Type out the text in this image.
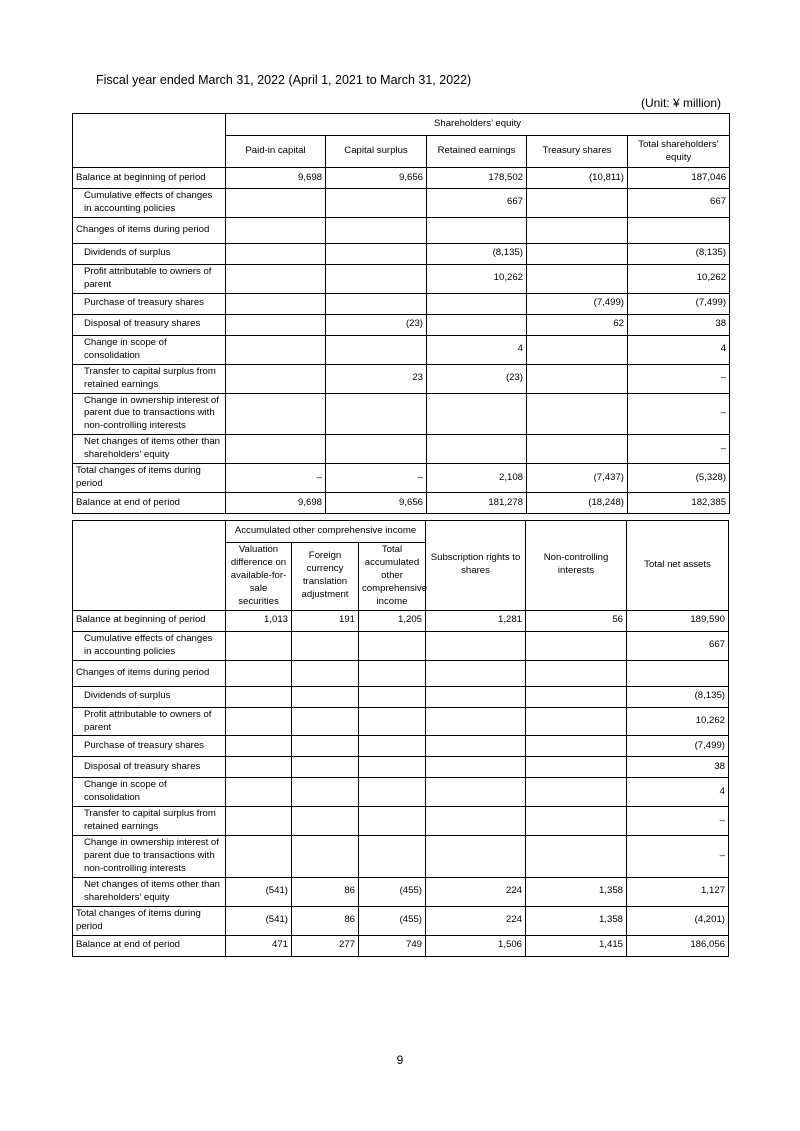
Fiscal year ended March 31, 2022 (April 1, 2021 to March 31, 2022)
(Unit: ¥ million)
	Shareholders’ equity				
	Paid-in capital	Capital surplus	Retained earnings	Treasury shares	Total shareholders’ equity
Balance at beginning of period	9,698	9,656	178,502	(10,811)	187,046
Cumulative effects of changes in accounting policies			667		667
Changes of items during period					
Dividends of surplus			(8,135)		(8,135)
Profit attributable to owners of parent			10,262		10,262
Purchase of treasury shares				(7,499)	(7,499)
Disposal of treasury shares		(23)		62	38
Change in scope of consolidation			4		4
Transfer to capital surplus from retained earnings		23	(23)		–
Change in ownership interest of parent due to transactions with non-controlling interests					–
Net changes of items other than shareholders’ equity					–
Total changes of items during period	–	–	2,108	(7,437)	(5,328)
Balance at end of period	9,698	9,656	181,278	(18,248)	182,385
	Accumulated other comprehensive income			Subscription rights to shares	Non-controlling interests	Total net assets
	Valuation difference on available-for-sale securities	Foreign currency translation adjustment	Total accumulated other comprehensive income			
Balance at beginning of period	1,013	191	1,205	1,281	56	189,590
Cumulative effects of changes in accounting policies						667
Changes of items during period						
Dividends of surplus						(8,135)
Profit attributable to owners of parent						10,262
Purchase of treasury shares						(7,499)
Disposal of treasury shares						38
Change in scope of consolidation						4
Transfer to capital surplus from retained earnings						–
Change in ownership interest of parent due to transactions with non-controlling interests						–
Net changes of items other than shareholders’ equity	(541)	86	(455)	224	1,358	1,127
Total changes of items during period	(541)	86	(455)	224	1,358	(4,201)
Balance at end of period	471	277	749	1,506	1,415	186,056
9
